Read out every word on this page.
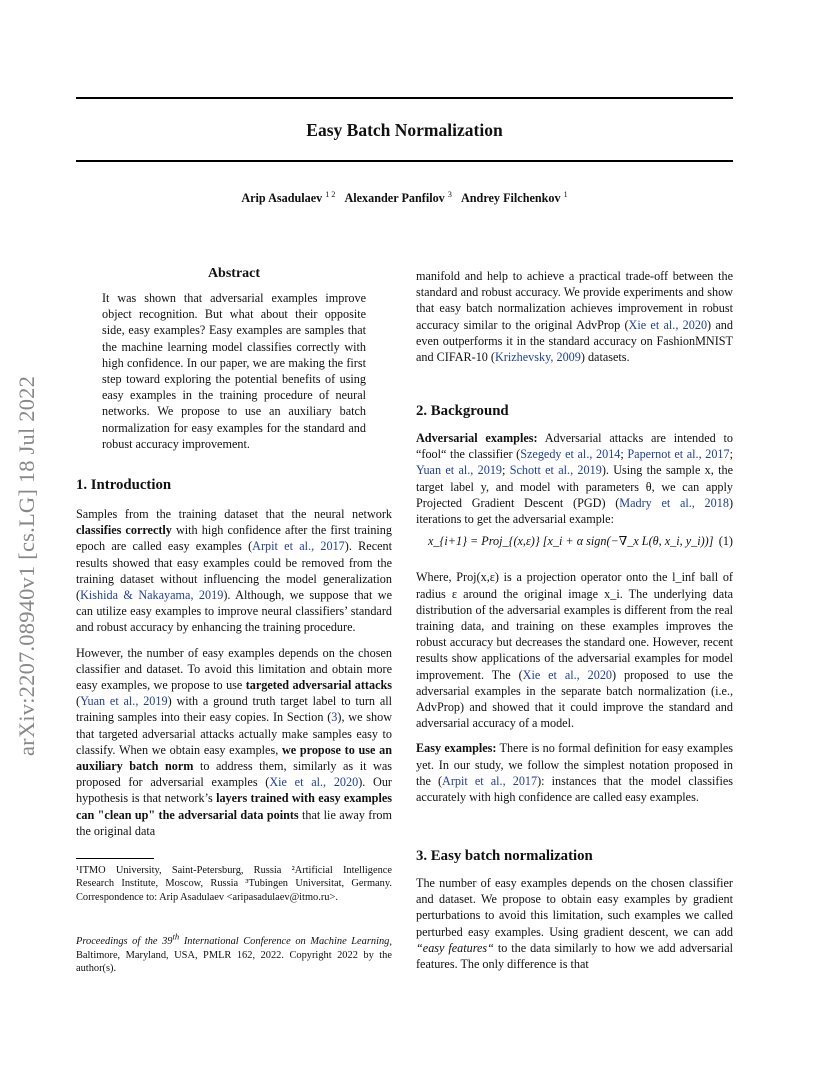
Easy Batch Normalization
Arip Asadulaev $^{1 2}$ Alexander Panfilov $^3$ Andrey Filchenkov $^1$
arXiv:2207.08940v1 [cs.LG] 18 Jul 2022
Abstract
It was shown that adversarial examples improve object recognition. But what about their opposite side, easy examples? Easy examples are samples that the machine learning model classifies correctly with high confidence. In our paper, we are making the first step toward exploring the potential benefits of using easy examples in the training procedure of neural networks. We propose to use an auxiliary batch normalization for easy examples for the standard and robust accuracy improvement.
1. Introduction

Samples from the training dataset that the neural network classifies correctly with high confidence after the first training epoch are called easy examples (Arpit et al., 2017). Recent results showed that easy examples could be removed from the training dataset without influencing the model generalization (Kishida & Nakayama, 2019). Although, we suppose that we can utilize easy examples to improve neural classifiers’ standard and robust accuracy by enhancing the training procedure.

However, the number of easy examples depends on the chosen classifier and dataset. To avoid this limitation and obtain more easy examples, we propose to use targeted adversarial attacks (Yuan et al., 2019) with a ground truth target label to turn all training samples into their easy copies. In Section (3), we show that targeted adversarial attacks actually make samples easy to classify. When we obtain easy examples, we propose to use an auxiliary batch norm to address them, similarly as it was proposed for adversarial examples (Xie et al., 2020). Our hypothesis is that network’s layers trained with easy examples can "clean up" the adversarial data points that lie away from the original data

¹ITMO University, Saint-Petersburg, Russia ²Artificial Intelligence Research Institute, Moscow, Russia ³Tubingen Universitat, Germany. Correspondence to: Arip Asadulaev <aripasadulaev@itmo.ru>.
Proceedings of the 39th International Conference on Machine Learning, Baltimore, Maryland, USA, PMLR 162, 2022. Copyright 2022 by the author(s).
manifold and help to achieve a practical trade-off between the standard and robust accuracy. We provide experiments and show that easy batch normalization achieves improvement in robust accuracy similar to the original AdvProp (Xie et al., 2020) and even outperforms it in the standard accuracy on FashionMNIST and CIFAR-10 (Krizhevsky, 2009) datasets.
2. Background

Adversarial examples: Adversarial attacks are intended to “fool“ the classifier (Szegedy et al., 2014; Papernot et al., 2017; Yuan et al., 2019; Schott et al., 2019). Using the sample x, the target label y, and model with parameters θ, we can apply Projected Gradient Descent (PGD) (Madry et al., 2018) iterations to get the adversarial example:

x_{i+1} = Proj_{(x,ε)} [x_i + α sign(−∇_x L(θ, x_i, y_i))] (1)

Where, Proj(x,ε) is a projection operator onto the l_inf ball of radius ε around the original image x_i. The underlying data distribution of the adversarial examples is different from the real training data, and training on these examples improves the robust accuracy but decreases the standard one. However, recent results show applications of the adversarial examples for model improvement. The (Xie et al., 2020) proposed to use the adversarial examples in the separate batch normalization (i.e., AdvProp) and showed that it could improve the standard and adversarial accuracy of a model.

Easy examples: There is no formal definition for easy examples yet. In our study, we follow the simplest notation proposed in the (Arpit et al., 2017): instances that the model classifies accurately with high confidence are called easy examples.

3. Easy batch normalization

The number of easy examples depends on the chosen classifier and dataset. We propose to obtain easy examples by gradient perturbations to avoid this limitation, such examples we called perturbed easy examples. Using gradient descent, we can add “easy features“ to the data similarly to how we add adversarial features. The only difference is that
